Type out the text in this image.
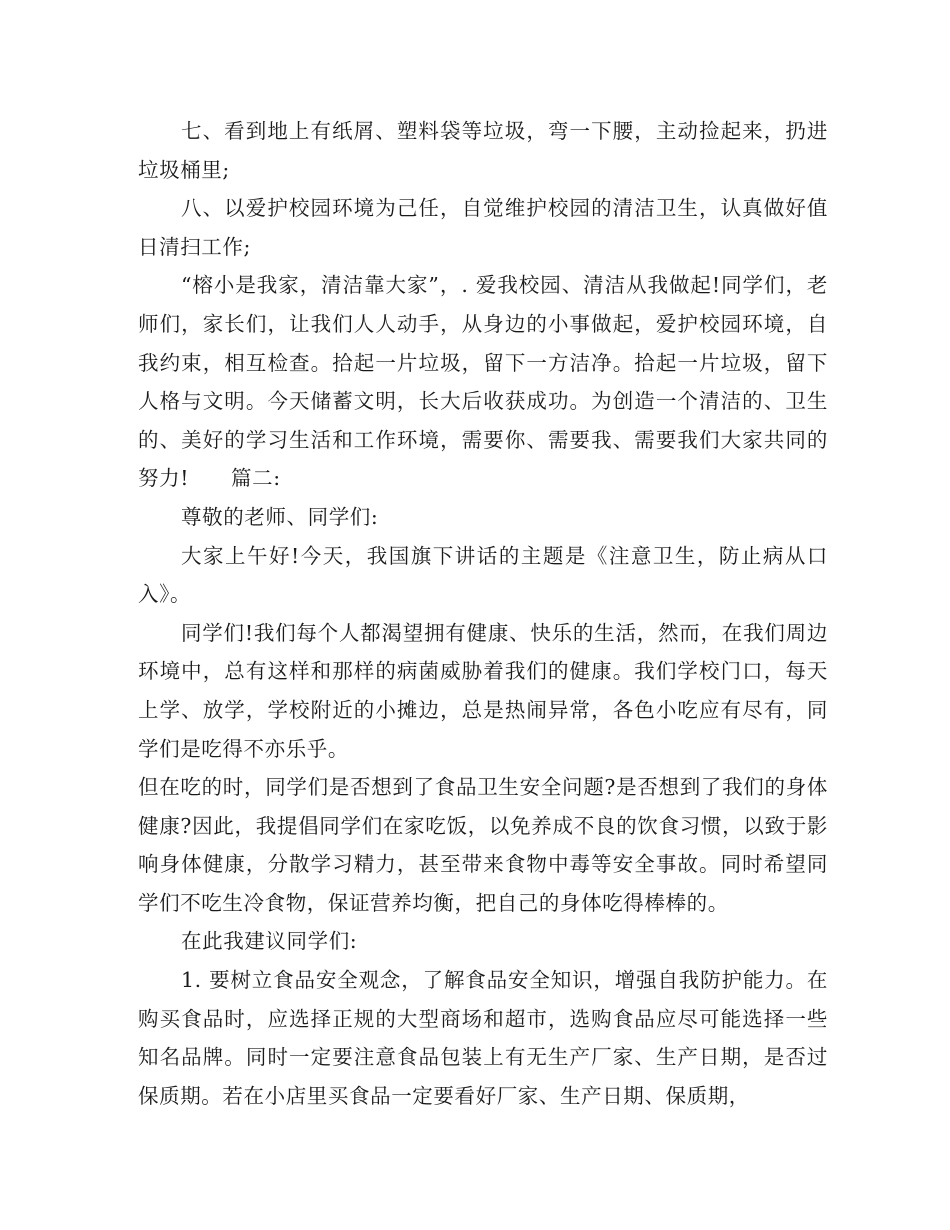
七、看到地上有纸屑、塑料袋等垃圾，弯一下腰，主动捡起来，扔进垃圾桶里;

八、以爱护校园环境为己任，自觉维护校园的清洁卫生，认真做好值日清扫工作;

“榕小是我家，清洁靠大家”，. 爱我校园、清洁从我做起!同学们，老师们，家长们，让我们人人动手，从身边的小事做起，爱护校园环境，自我约束，相互检查。拾起一片垃圾，留下一方洁净。拾起一片垃圾，留下人格与文明。今天储蓄文明，长大后收获成功。为创造一个清洁的、卫生的、美好的学习生活和工作环境，需要你、需要我、需要我们大家共同的努力! 篇二:

尊敬的老师、同学们:

大家上午好!今天，我国旗下讲话的主题是《注意卫生，防止病从口入》。

同学们!我们每个人都渴望拥有健康、快乐的生活，然而，在我们周边环境中，总有这样和那样的病菌威胁着我们的健康。我们学校门口，每天上学、放学，学校附近的小摊边，总是热闹异常，各色小吃应有尽有，同学们是吃得不亦乐乎。

但在吃的时，同学们是否想到了食品卫生安全问题?是否想到了我们的身体健康?因此，我提倡同学们在家吃饭，以免养成不良的饮食习惯，以致于影响身体健康，分散学习精力，甚至带来食物中毒等安全事故。同时希望同学们不吃生冷食物，保证营养均衡，把自己的身体吃得棒棒的。

在此我建议同学们:

1. 要树立食品安全观念，了解食品安全知识，增强自我防护能力。在购买食品时，应选择正规的大型商场和超市，选购食品应尽可能选择一些知名品牌。同时一定要注意食品包装上有无生产厂家、生产日期，是否过保质期。若在小店里买食品一定要看好厂家、生产日期、保质期，
